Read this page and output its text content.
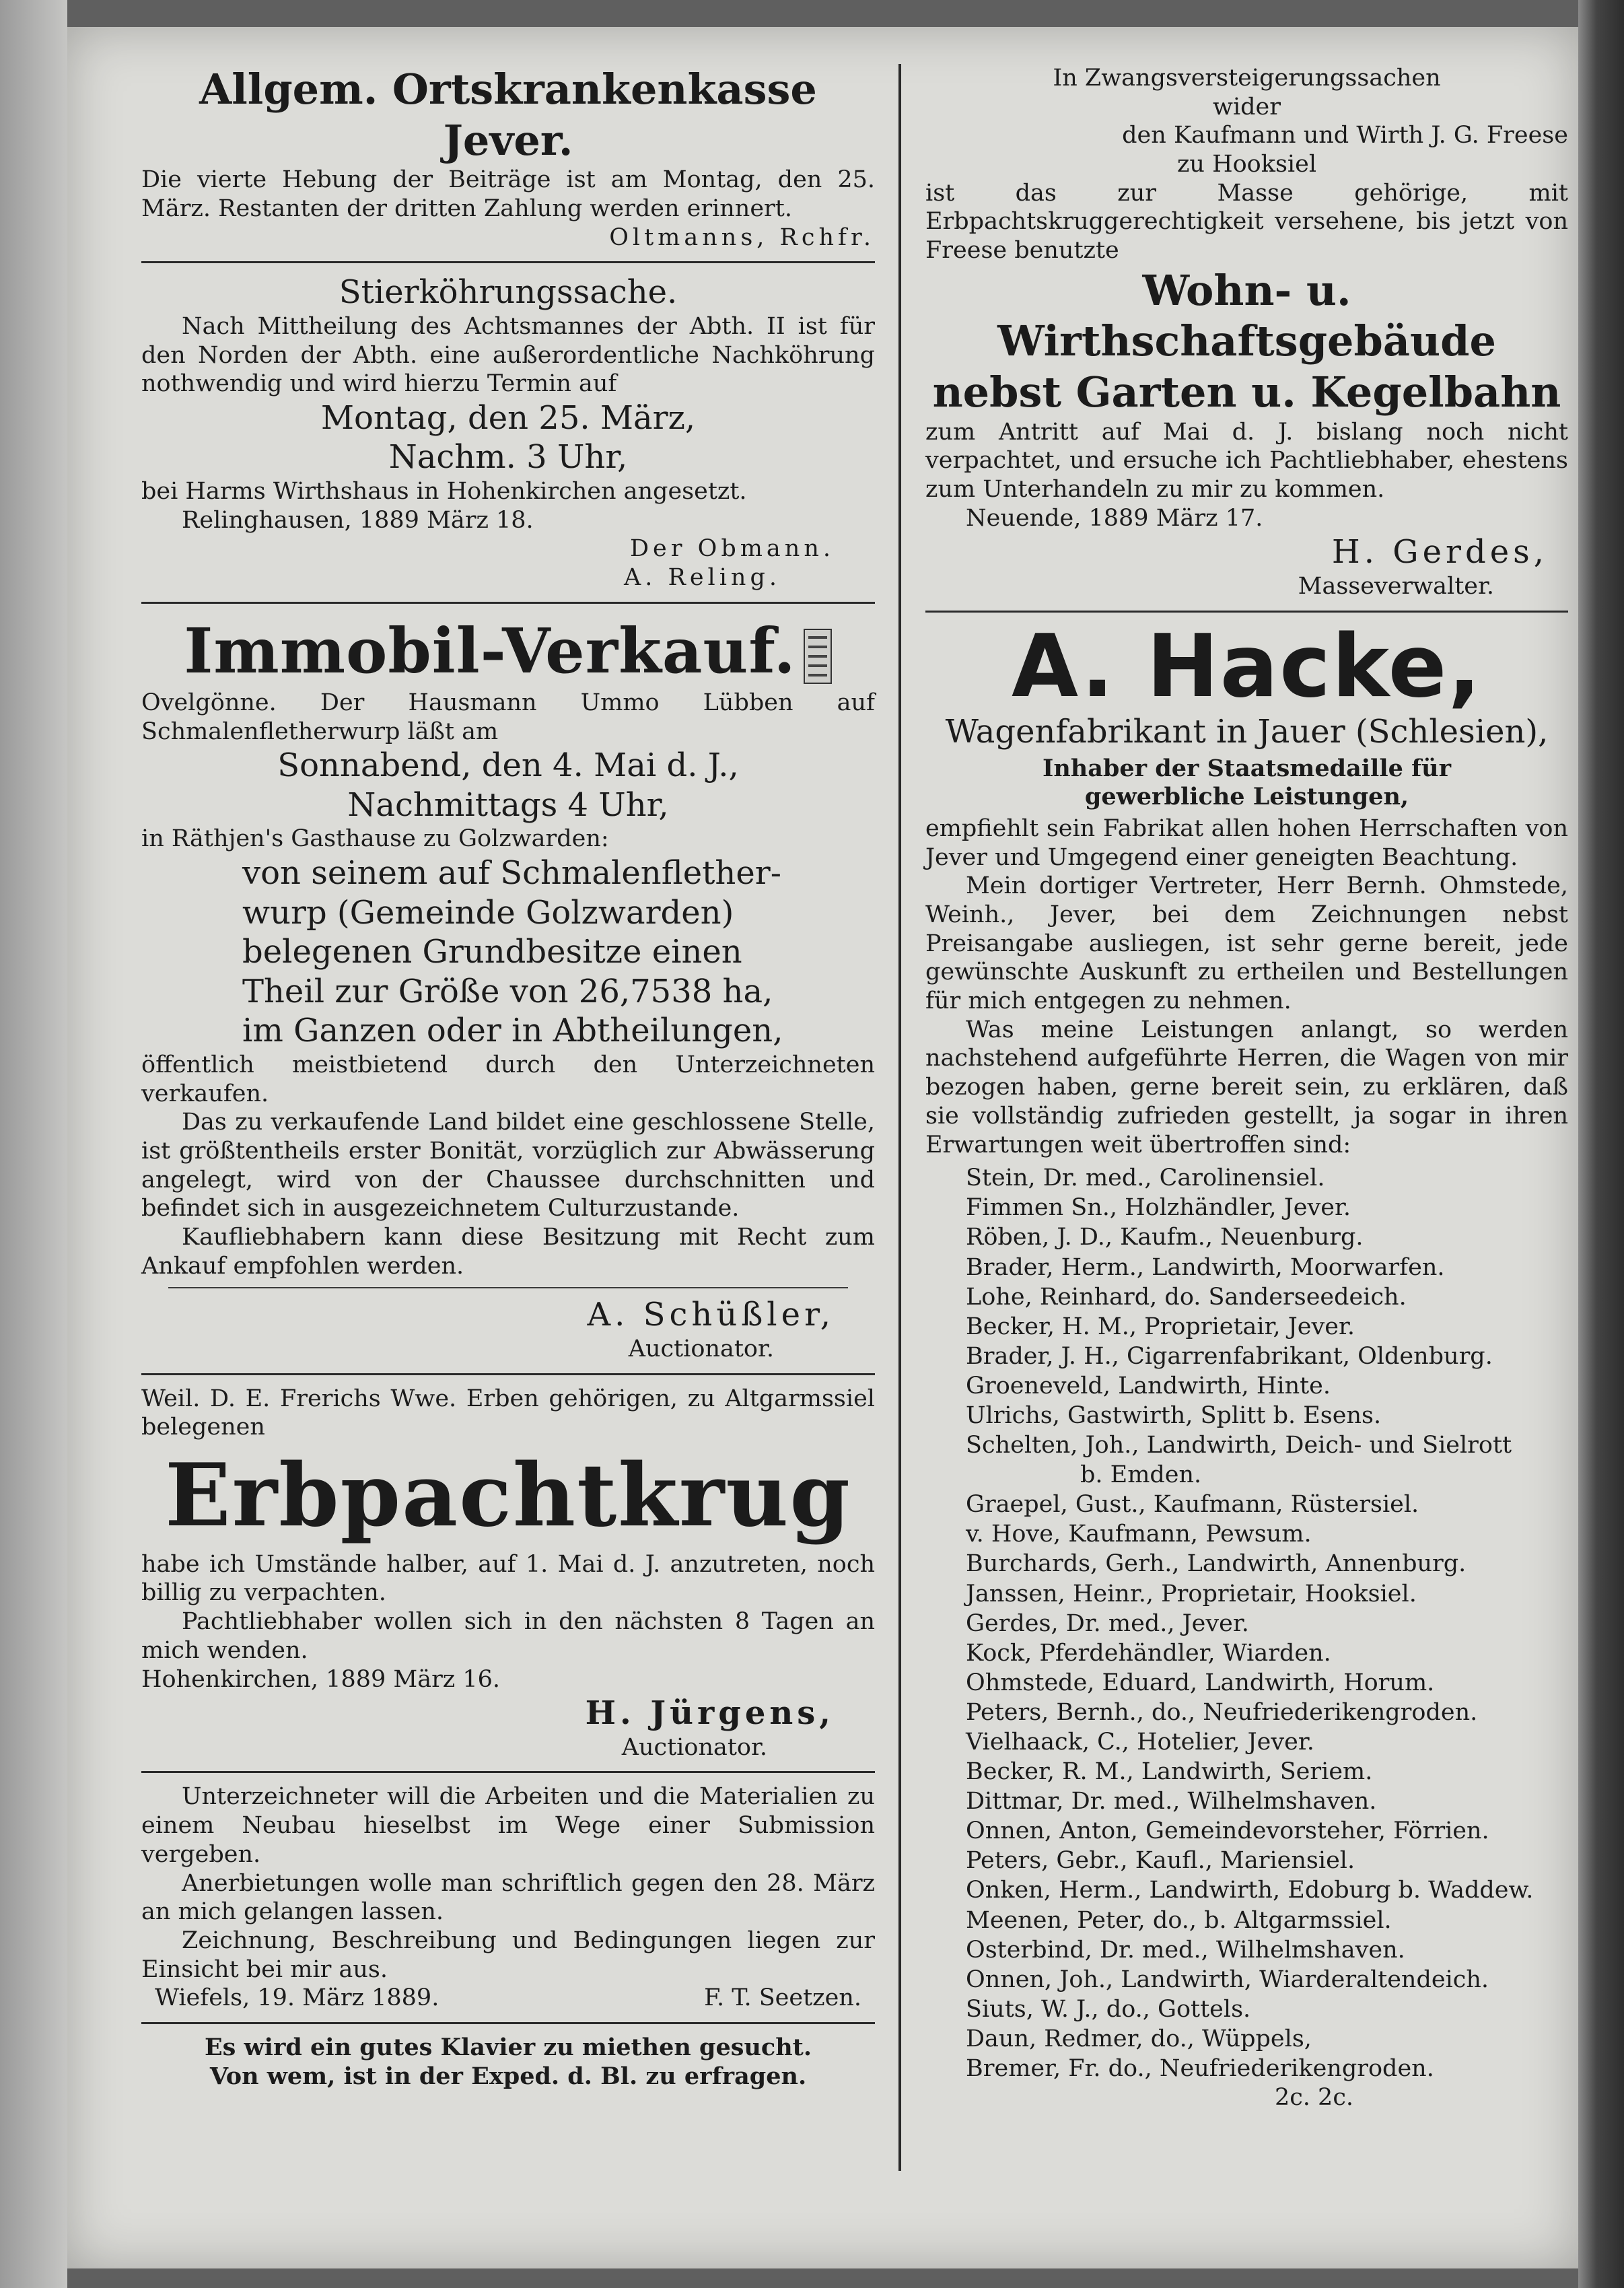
Allgem. Ortskrankenkasse Jever.

Die vierte Hebung der Beiträge ist am Montag, den 25. März. Restanten der dritten Zahlung werden erinnert.

Oltmanns, Rchfr.

Stierköhrungssache.

Nach Mittheilung des Achtsmannes der Abth. II ist für den Norden der Abth. eine außerordentliche Nachköhrung nothwendig und wird hierzu Termin auf

Montag, den 25. März,

Nachm. 3 Uhr,

bei Harms Wirthshaus in Hohenkirchen angesetzt.

Relinghausen, 1889 März 18.

Der Obmann.

A. Reling.

Immobil-Verkauf.

Ovelgönne. Der Hausmann Ummo Lübben auf Schmalenfletherwurp läßt am

Sonnabend, den 4. Mai d. J.,

Nachmittags 4 Uhr,

in Räthjen's Gasthause zu Golzwarden:

von seinem auf Schmalenflether-

wurp (Gemeinde Golzwarden)

belegenen Grundbesitze einen

Theil zur Größe von 26,7538 ha,

im Ganzen oder in Abtheilungen,

öffentlich meistbietend durch den Unterzeichneten verkaufen.

Das zu verkaufende Land bildet eine geschlossene Stelle, ist größtentheils erster Bonität, vorzüglich zur Abwässerung angelegt, wird von der Chaussee durchschnitten und befindet sich in ausgezeichnetem Culturzustande.

Kaufliebhabern kann diese Besitzung mit Recht zum Ankauf empfohlen werden.

A. Schüßler,

Auctionator.

Weil. D. E. Frerichs Wwe. Erben gehörigen, zu Altgarmssiel belegenen

Erbpachtkrug

habe ich Umstände halber, auf 1. Mai d. J. anzutreten, noch billig zu verpachten.

Pachtliebhaber wollen sich in den nächsten 8 Tagen an mich wenden.

Hohenkirchen, 1889 März 16.

H. Jürgens,

Auctionator.

Unterzeichneter will die Arbeiten und die Materialien zu einem Neubau hieselbst im Wege einer Submission vergeben.

Anerbietungen wolle man schriftlich gegen den 28. März an mich gelangen lassen.

Zeichnung, Beschreibung und Bedingungen liegen zur Einsicht bei mir aus.

Wiefels, 19. März 1889.	F. T. Seetzen.

Es wird ein gutes Klavier zu miethen gesucht.

Von wem, ist in der Exped. d. Bl. zu erfragen.

In Zwangsversteigerungssachen

wider

den Kaufmann und Wirth J. G. Freese

zu Hooksiel

ist das zur Masse gehörige, mit Erbpachtskruggerechtigkeit versehene, bis jetzt von Freese benutzte

Wohn- u. Wirthschaftsgebäude

nebst Garten u. Kegelbahn

zum Antritt auf Mai d. J. bislang noch nicht verpachtet, und ersuche ich Pachtliebhaber, ehestens zum Unterhandeln zu mir zu kommen.

Neuende, 1889 März 17.

H. Gerdes,

Masseverwalter.

A. Hacke,

Wagenfabrikant in Jauer (Schlesien),

Inhaber der Staatsmedaille für gewerbliche Leistungen,

empfiehlt sein Fabrikat allen hohen Herrschaften von Jever und Umgegend einer geneigten Beachtung.

Mein dortiger Vertreter, Herr Bernh. Ohmstede, Weinh., Jever, bei dem Zeichnungen nebst Preisangabe ausliegen, ist sehr gerne bereit, jede gewünschte Auskunft zu ertheilen und Bestellungen für mich entgegen zu nehmen.

Was meine Leistungen anlangt, so werden nachstehend aufgeführte Herren, die Wagen von mir bezogen haben, gerne bereit sein, zu erklären, daß sie vollständig zufrieden gestellt, ja sogar in ihren Erwartungen weit übertroffen sind:

Stein, Dr. med., Carolinensiel.
Fimmen Sn., Holzhändler, Jever.
Röben, J. D., Kaufm., Neuenburg.
Brader, Herm., Landwirth, Moorwarfen.
Lohe, Reinhard, do. Sanderseedeich.
Becker, H. M., Proprietair, Jever.
Brader, J. H., Cigarrenfabrikant, Oldenburg.
Groeneveld, Landwirth, Hinte.
Ulrichs, Gastwirth, Splitt b. Esens.
Schelten, Joh., Landwirth, Deich- und Sielrott
b. Emden.
Graepel, Gust., Kaufmann, Rüstersiel.
v. Hove, Kaufmann, Pewsum.
Burchards, Gerh., Landwirth, Annenburg.
Janssen, Heinr., Proprietair, Hooksiel.
Gerdes, Dr. med., Jever.
Kock, Pferdehändler, Wiarden.
Ohmstede, Eduard, Landwirth, Horum.
Peters, Bernh., do., Neufriederikengroden.
Vielhaack, C., Hotelier, Jever.
Becker, R. M., Landwirth, Seriem.
Dittmar, Dr. med., Wilhelmshaven.
Onnen, Anton, Gemeindevorsteher, Förrien.
Peters, Gebr., Kaufl., Mariensiel.
Onken, Herm., Landwirth, Edoburg b. Waddew.
Meenen, Peter, do., b. Altgarmssiel.
Osterbind, Dr. med., Wilhelmshaven.
Onnen, Joh., Landwirth, Wiarderaltendeich.
Siuts, W. J., do., Gottels.
Daun, Redmer, do., Wüppels,
Bremer, Fr. do., Neufriederikengroden.

2c. 2c.
